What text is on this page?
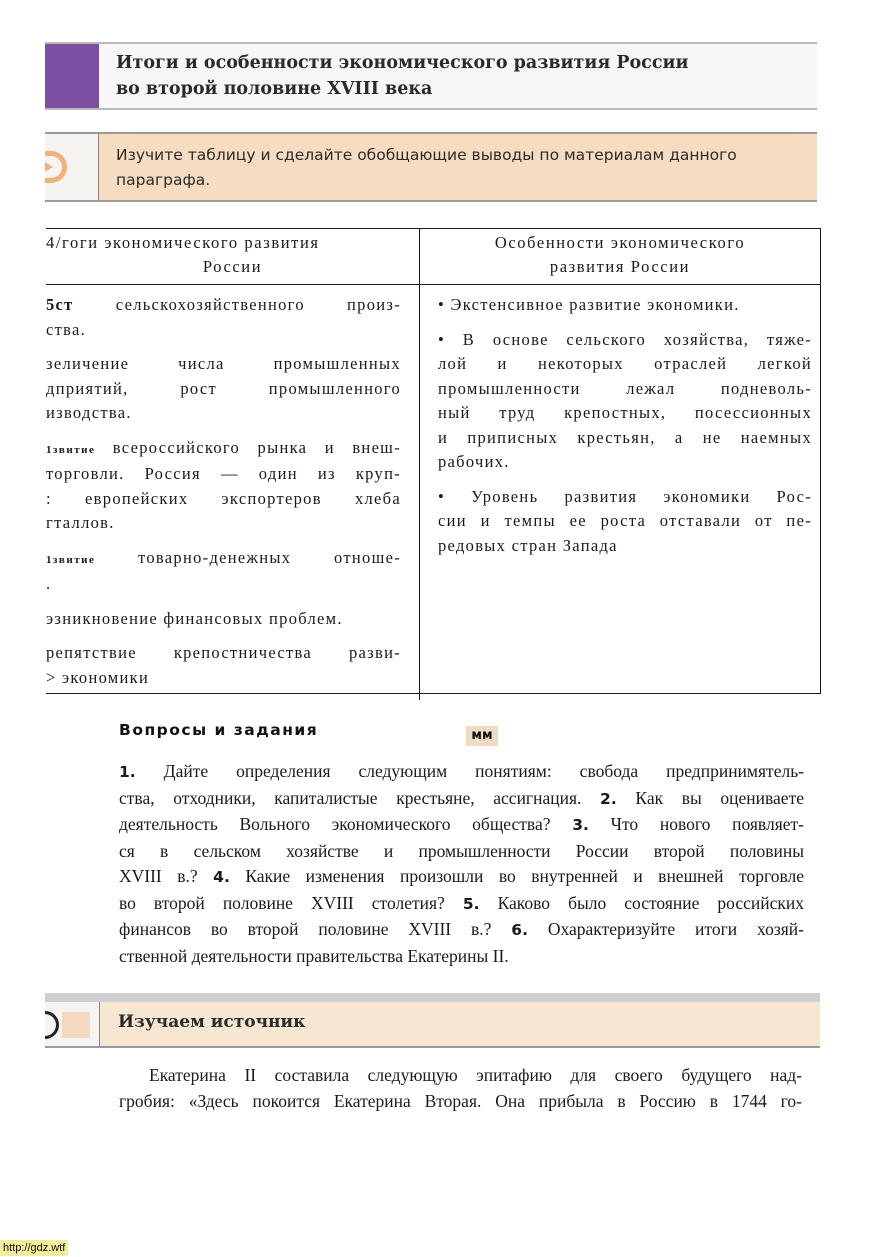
Итоги и особенности экономического развития России
во второй половине XVIII века
Изучите таблицу и сделайте обобщающие выводы по материалам данного
параграфа.
4/гоги экономического развития
России
Особенности экономического
развития России
5ст сельскохозяйственного произ-
ства.
зеличение числа промышленных
дприятий, рост промышленного
изводства.
1звитие всероссийского рынка и внеш-
торговли. Россия — один из круп-
: европейских экспортеров хлеба
гталлов.
1звитие товарно-денежных отноше-
.
эзникновение финансовых проблем.
репятствие крепостничества разви-
> экономики
• Экстенсивное развитие экономики.
• В основе сельского хозяйства, тяже-
лой и некоторых отраслей легкой
промышленности лежал подневоль-
ный труд крепостных, посессионных
и приписных крестьян, а не наемных
рабочих.
• Уровень развития экономики Рос-
сии и темпы ее роста отставали от пе-
редовых стран Запада
Вопросы и задания	мм
1. Дайте определения следующим понятиям: свобода предпринимятель-
ства, отходники, капиталистые крестьяне, ассигнация. 2. Как вы оцениваете
деятельность Вольного экономического общества? 3. Что нового появляет-
ся в сельском хозяйстве и промышленности России второй половины
XVIII в.? 4. Какие изменения произошли во внутренней и внешней торговле
во второй половине XVIII столетия? 5. Каково было состояние российских
финансов во второй половине XVIII в.? 6. Охарактеризуйте итоги хозяй-
ственной деятельности правительства Екатерины II.
Изучаем источник
Екатерина II составила следующую эпитафию для своего будущего над-
гробия: «Здесь покоится Екатерина Вторая. Она прибыла в Россию в 1744 го-
http://gdz.wtf
